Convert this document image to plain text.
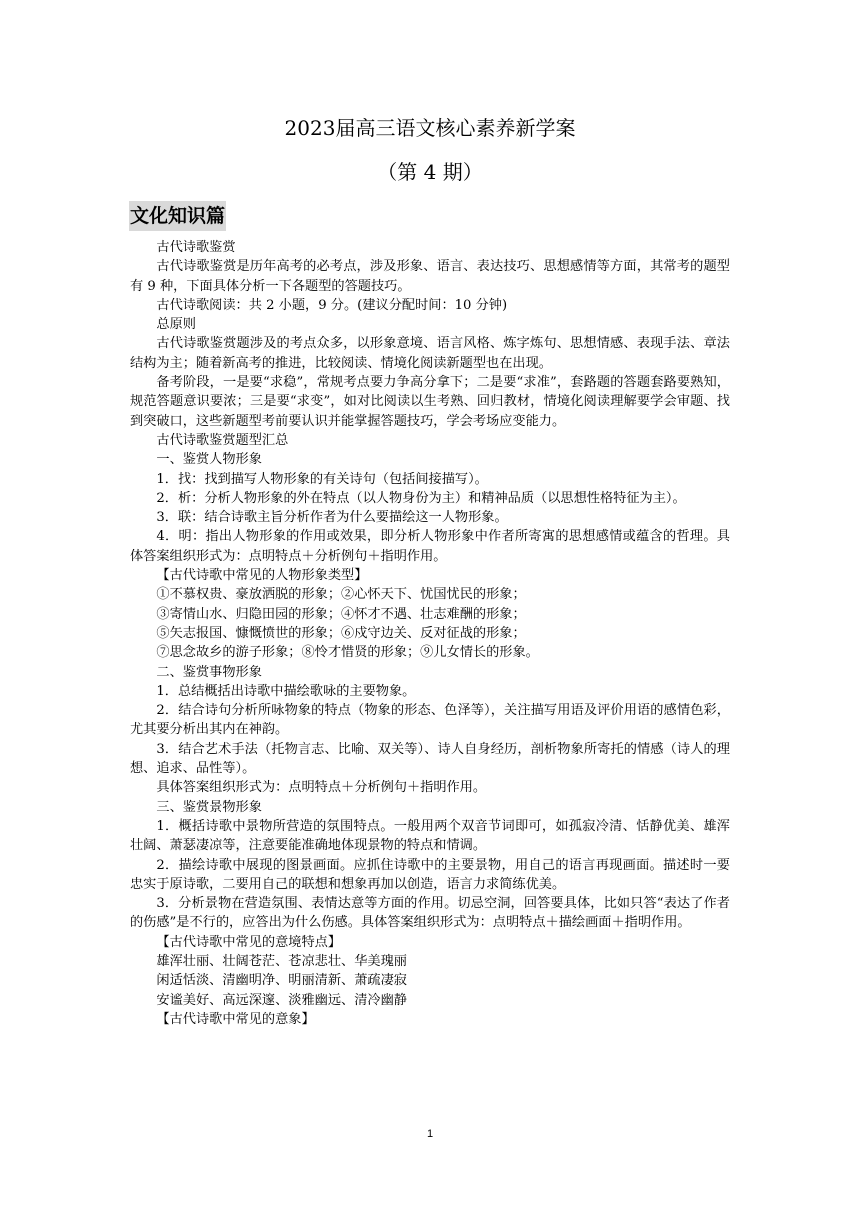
2023届高三语文核心素养新学案
（第 4 期）
文化知识篇

古代诗歌鉴赏

古代诗歌鉴赏是历年高考的必考点，涉及形象、语言、表达技巧、思想感情等方面，其常考的题型有 9 种，下面具体分析一下各题型的答题技巧。

古代诗歌阅读：共 2 小题，9 分。(建议分配时间：10 分钟)

总原则

古代诗歌鉴赏题涉及的考点众多，以形象意境、语言风格、炼字炼句、思想情感、表现手法、章法结构为主；随着新高考的推进，比较阅读、情境化阅读新题型也在出现。

备考阶段，一是要“求稳”，常规考点要力争高分拿下；二是要“求准”，套路题的答题套路要熟知，规范答题意识要浓；三是要“求变”，如对比阅读以生考熟、回归教材，情境化阅读理解要学会审题、找到突破口，这些新题型考前要认识并能掌握答题技巧，学会考场应变能力。

古代诗歌鉴赏题型汇总

一、鉴赏人物形象

1．找：找到描写人物形象的有关诗句（包括间接描写）。

2．析：分析人物形象的外在特点（以人物身份为主）和精神品质（以思想性格特征为主）。

3．联：结合诗歌主旨分析作者为什么要描绘这一人物形象。

4．明：指出人物形象的作用或效果，即分析人物形象中作者所寄寓的思想感情或蕴含的哲理。具体答案组织形式为：点明特点＋分析例句＋指明作用。

【古代诗歌中常见的人物形象类型】

①不慕权贵、豪放洒脱的形象；②心怀天下、忧国忧民的形象；

③寄情山水、归隐田园的形象；④怀才不遇、壮志难酬的形象；

⑤矢志报国、慷慨愤世的形象；⑥戍守边关、反对征战的形象；

⑦思念故乡的游子形象；⑧怜才惜贤的形象；⑨儿女情长的形象。

二、鉴赏事物形象

1．总结概括出诗歌中描绘歌咏的主要物象。

2．结合诗句分析所咏物象的特点（物象的形态、色泽等），关注描写用语及评价用语的感情色彩，尤其要分析出其内在神韵。

3．结合艺术手法（托物言志、比喻、双关等）、诗人自身经历，剖析物象所寄托的情感（诗人的理想、追求、品性等）。

具体答案组织形式为：点明特点＋分析例句＋指明作用。

三、鉴赏景物形象

1．概括诗歌中景物所营造的氛围特点。一般用两个双音节词即可，如孤寂冷清、恬静优美、雄浑壮阔、萧瑟凄凉等，注意要能准确地体现景物的特点和情调。

2．描绘诗歌中展现的图景画面。应抓住诗歌中的主要景物，用自己的语言再现画面。描述时一要忠实于原诗歌，二要用自己的联想和想象再加以创造，语言力求简练优美。

3．分析景物在营造氛围、表情达意等方面的作用。切忌空洞，回答要具体，比如只答“表达了作者的伤感”是不行的，应答出为什么伤感。具体答案组织形式为：点明特点＋描绘画面＋指明作用。

【古代诗歌中常见的意境特点】

雄浑壮丽、壮阔苍茫、苍凉悲壮、华美瑰丽

闲适恬淡、清幽明净、明丽清新、萧疏凄寂

安谧美好、高远深邃、淡雅幽远、清冷幽静

【古代诗歌中常见的意象】

1
